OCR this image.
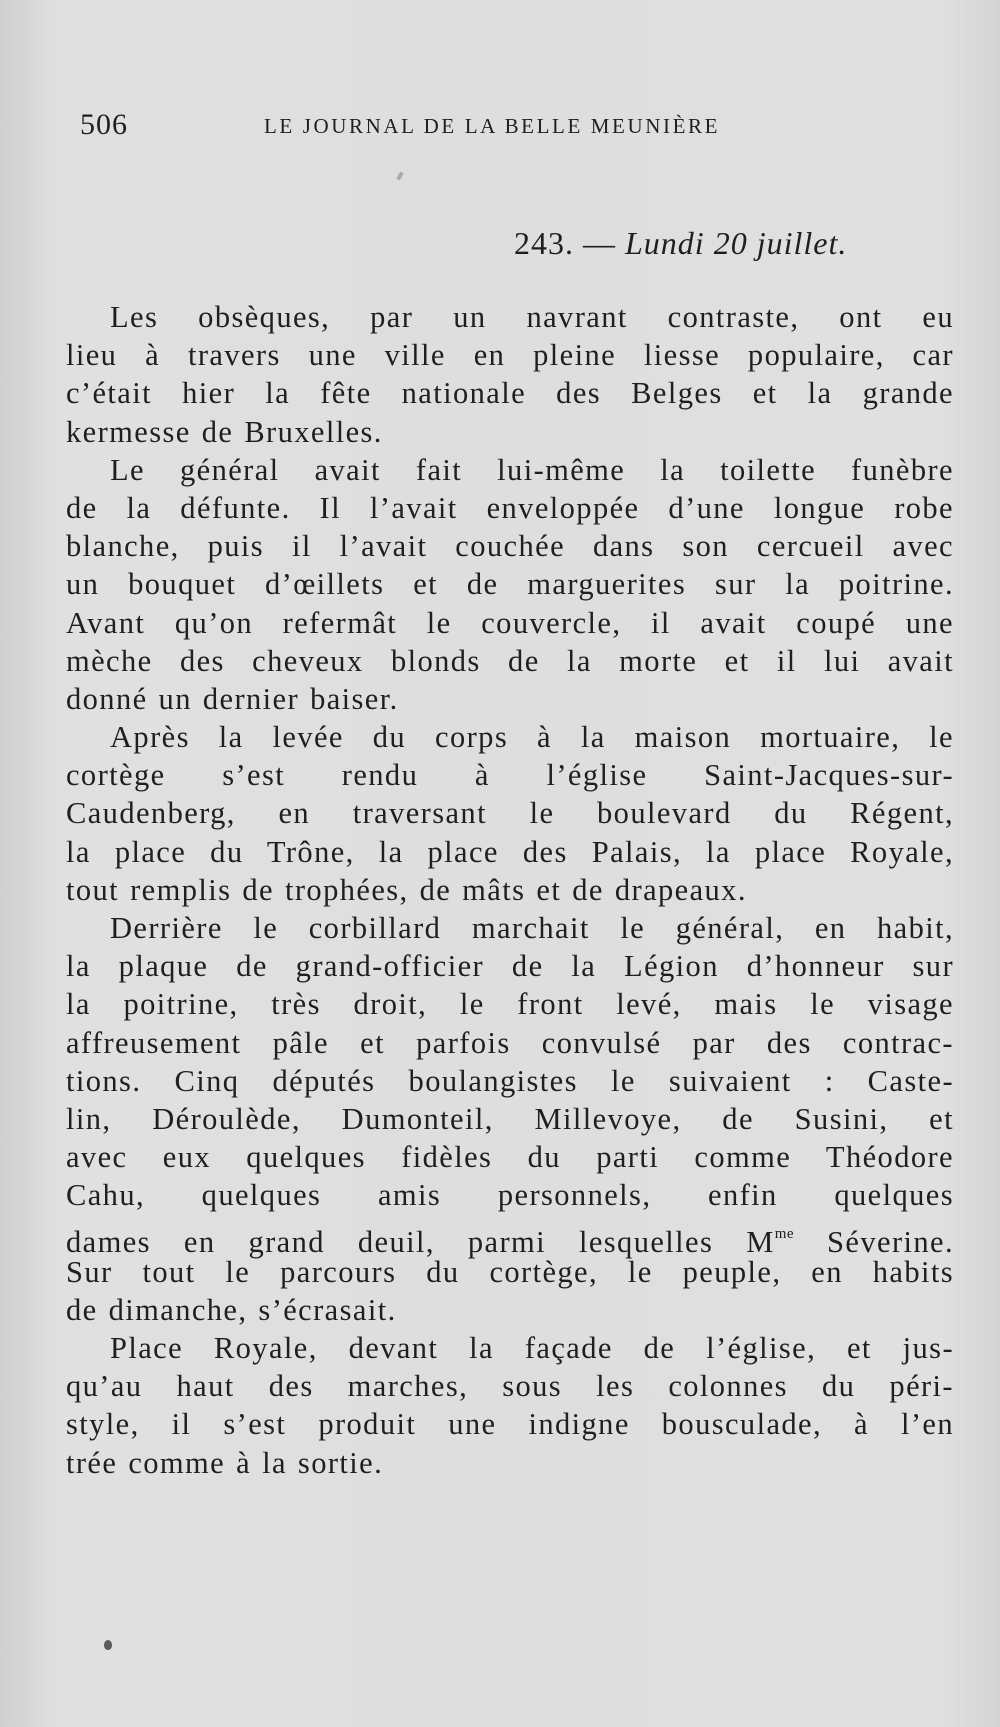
506	LE JOURNAL DE LA BELLE MEUNIÈRE
243. — Lundi 20 juillet.
Les obsèques, par un navrant contraste, ont eu
lieu à travers une ville en pleine liesse populaire, car
c’était hier la fête nationale des Belges et la grande
kermesse de Bruxelles.
Le général avait fait lui-même la toilette funèbre
de la défunte. Il l’avait enveloppée d’une longue robe
blanche, puis il l’avait couchée dans son cercueil avec
un bouquet d’œillets et de marguerites sur la poitrine.
Avant qu’on refermât le couvercle, il avait coupé une
mèche des cheveux blonds de la morte et il lui avait
donné un dernier baiser.
Après la levée du corps à la maison mortuaire, le
cortège s’est rendu à l’église Saint-Jacques-sur-
Caudenberg, en traversant le boulevard du Régent,
la place du Trône, la place des Palais, la place Royale,
tout remplis de trophées, de mâts et de drapeaux.
Derrière le corbillard marchait le général, en habit,
la plaque de grand-officier de la Légion d’honneur sur
la poitrine, très droit, le front levé, mais le visage
affreusement pâle et parfois convulsé par des contrac-
tions. Cinq députés boulangistes le suivaient : Caste-
lin, Déroulède, Dumonteil, Millevoye, de Susini, et
avec eux quelques fidèles du parti comme Théodore
Cahu, quelques amis personnels, enfin quelques
dames en grand deuil, parmi lesquelles $M^{me}$ Séverine.
Sur tout le parcours du cortège, le peuple, en habits
de dimanche, s’écrasait.
Place Royale, devant la façade de l’église, et jus-
qu’au haut des marches, sous les colonnes du péri-
style, il s’est produit une indigne bousculade, à l’en
trée comme à la sortie.
